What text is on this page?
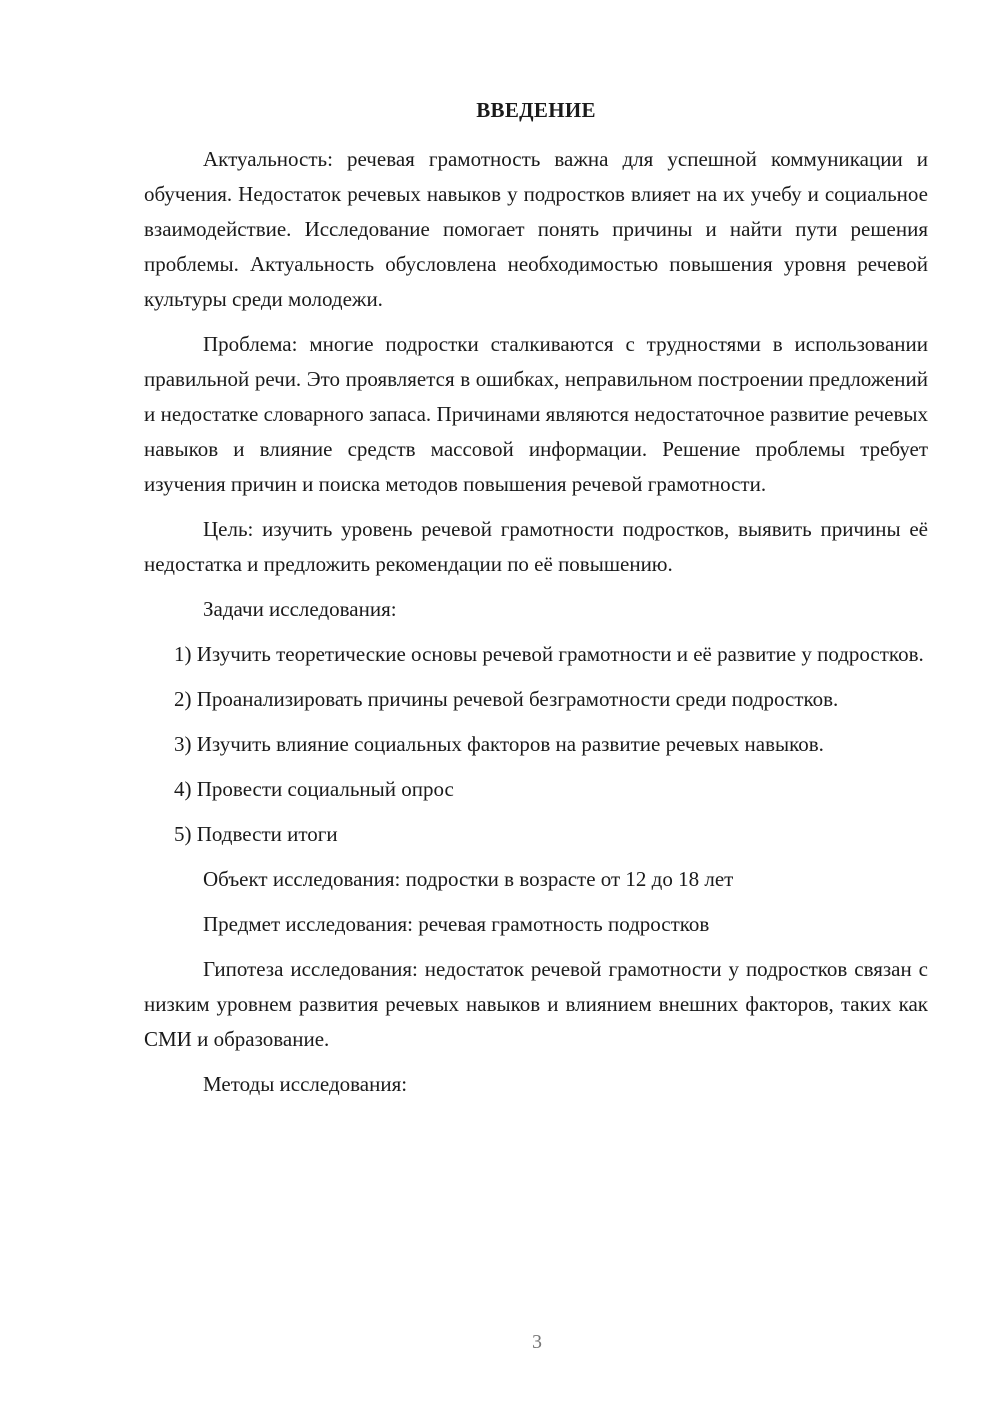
ВВЕДЕНИЕ

Актуальность: речевая грамотность важна для успешной коммуникации и обучения. Недостаток речевых навыков у подростков влияет на их учебу и социальное взаимодействие. Исследование помогает понять причины и найти пути решения проблемы. Актуальность обусловлена необходимостью повышения уровня речевой культуры среди молодежи.

Проблема: многие подростки сталкиваются с трудностями в использовании правильной речи. Это проявляется в ошибках, неправильном построении предложений и недостатке словарного запаса. Причинами являются недостаточное развитие речевых навыков и влияние средств массовой информации. Решение проблемы требует изучения причин и поиска методов повышения речевой грамотности.

Цель: изучить уровень речевой грамотности подростков, выявить причины её недостатка и предложить рекомендации по её повышению.

Задачи исследования:

1) Изучить теоретические основы речевой грамотности и её развитие у подростков.

2) Проанализировать причины речевой безграмотности среди подростков.

3) Изучить влияние социальных факторов на развитие речевых навыков.

4) Провести социальный опрос

5) Подвести итоги

Объект исследования: подростки в возрасте от 12 до 18 лет

Предмет исследования: речевая грамотность подростков

Гипотеза исследования: недостаток речевой грамотности у подростков связан с низким уровнем развития речевых навыков и влиянием внешних факторов, таких как СМИ и образование.

Методы исследования:

3
